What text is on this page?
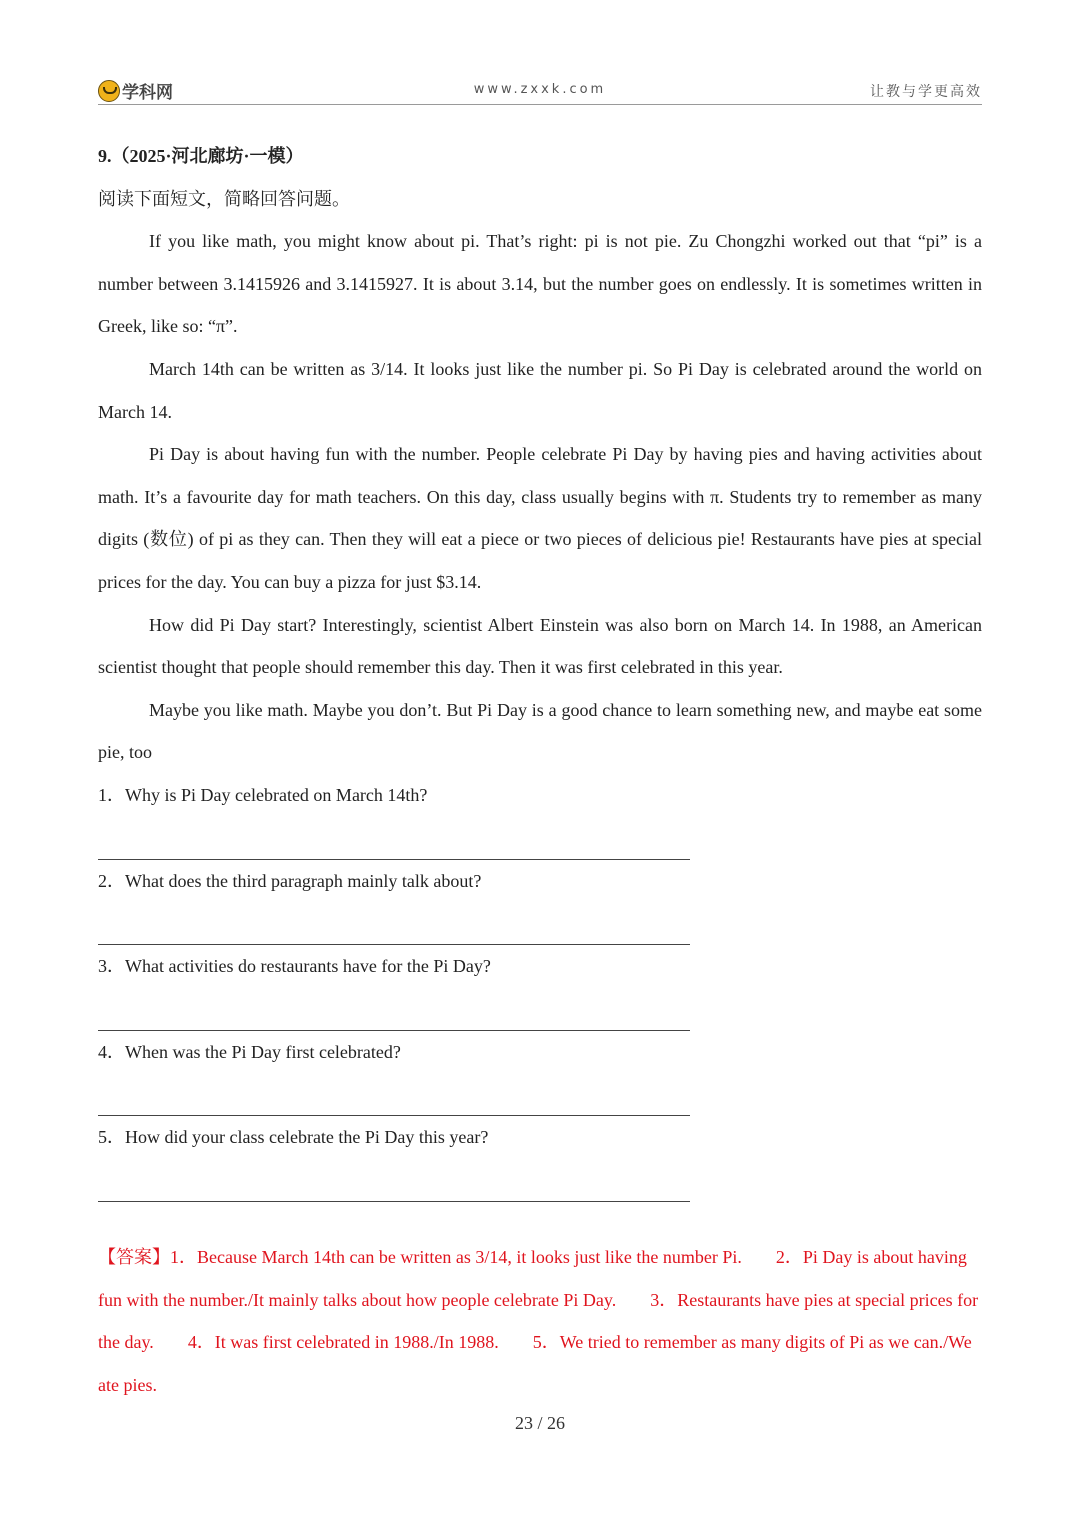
学科网	www.zxxk.com	让教与学更高效

9.（2025·河北廊坊·一模）

阅读下面短文，简略回答问题。

If you like math, you might know about pi. That’s right: pi is not pie. Zu Chongzhi worked out that “pi” is a number between 3.1415926 and 3.1415927. It is about 3.14, but the number goes on endlessly. It is sometimes written in Greek, like so: “π”.

March 14th can be written as 3/14. It looks just like the number pi. So Pi Day is celebrated around the world on March 14.

Pi Day is about having fun with the number. People celebrate Pi Day by having pies and having activities about math. It’s a favourite day for math teachers. On this day, class usually begins with π. Students try to remember as many digits (数位) of pi as they can. Then they will eat a piece or two pieces of delicious pie! Restaurants have pies at special prices for the day. You can buy a pizza for just $3.14.

How did Pi Day start? Interestingly, scientist Albert Einstein was also born on March 14. In 1988, an American scientist thought that people should remember this day. Then it was first celebrated in this year.

Maybe you like math. Maybe you don’t. But Pi Day is a good chance to learn something new, and maybe eat some pie, too

1．Why is Pi Day celebrated on March 14th?

2．What does the third paragraph mainly talk about?

3．What activities do restaurants have for the Pi Day?

4．When was the Pi Day first celebrated?

5．How did your class celebrate the Pi Day this year?

【答案】1．Because March 14th can be written as 3/14, it looks just like the number Pi. 2．Pi Day is about having fun with the number./It mainly talks about how people celebrate Pi Day. 3．Restaurants have pies at special prices for the day. 4．It was first celebrated in 1988./In 1988. 5．We tried to remember as many digits of Pi as we can./We ate pies.

23 / 26
